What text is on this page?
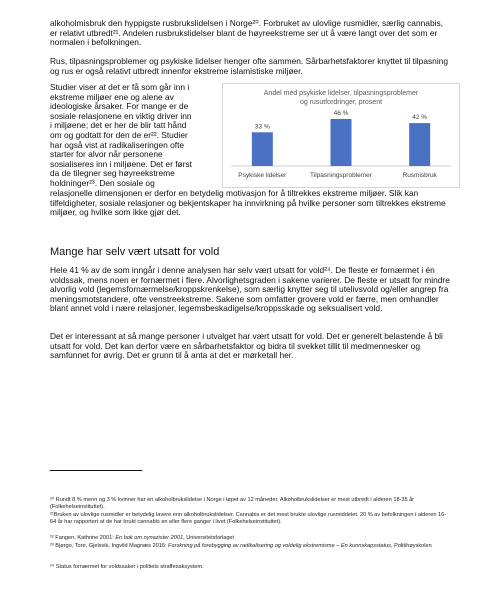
alkoholmisbruk den hyppigste rusbrukslidelsen i Norge²⁰. Forbruket av ulovlige rusmidler, særlig cannabis, er relativt utbredt²¹. Andelen rusbrukslidelser blant de høyreekstreme ser ut å være langt over det som er normalen i befolkningen.
Rus, tilpasningsproblemer og psykiske lidelser henger ofte sammen. Sårbarhetsfaktorer knyttet til tilpasning og rus er også relativt utbredt innenfor ekstreme islamistiske miljøer.
Studier viser at det er få som går inn i
ekstreme miljøer ene og alene av
ideologiske årsaker. For mange er de
sosiale relasjonene en viktig driver inn
i miljøene; det er her de blir tatt hånd
om og godtatt for den de er²². Studier
har også vist at radikaliseringen ofte
starter for alvor når personene
sosialiseres inn i miljøene. Det er først
da de tilegner seg høyreekstreme
holdninger²³. Den sosiale og
Andel med psykiske lidelser, tilpasningsproblemer
og rusutfordringer, prosent
33 %
Psykiske lidelser
46 %
Tilpasningsproblemer
42 %
Rusmisbruk
relasjonelle dimensjonen er derfor en betydelig motivasjon for å tiltrekkes ekstreme miljøer. Slik kan tilfeldigheter, sosiale relasjoner og bekjentskaper ha innvirkning på hvilke personer som tiltrekkes ekstreme miljøer, og hvilke som ikke gjør det.
Mange har selv vært utsatt for vold
Hele 41 % av de som inngår i denne analysen har selv vært utsatt for vold²⁴. De fleste er fornærmet i én voldssak, mens noen er fornærmet i flere. Alvorlighetsgraden i sakene varierer. De fleste er utsatt for mindre alvorlig vold (legemsfornærmelse/kroppskrenkelse), som særlig knytter seg til utelivsvold og/eller angrep fra meningsmotstandere, ofte venstreekstreme. Sakene som omfatter grovere vold er færre, men omhandler blant annet vold i nære relasjoner, legemsbeskadigelse/kroppsskade og seksualisert vold.
Det er interessant at så mange personer i utvalget har vært utsatt for vold. Det er generelt belastende å bli utsatt for vold. Det kan derfor være en sårbarhetsfaktor og bidra til svekket tillit til medmennesker og samfunnet for øvrig. Det er grunn til å anta at det er mørketall her.
²⁰ Rundt 8 % menn og 3 % kvinner har en alkoholbrukslidelse i Norge i løpet av 12 måneder. Alkoholbrukslidelser er mest utbredt i alderen 18-35 år (Folkehelseinstituttet).
²¹Bruken av ulovlige rusmidler er betydelig lavere enn alkoholbrukslidelser. Cannabis er det mest brukte ulovlige rusmiddelet. 20 % av befolkningen i alderen 16-64 år har rapportert at de har brukt cannabis en eller flere ganger i livet (Folkehelseinstituttet).
²² Fangen, Kathrine 2001: En bok om nynazister 2001, Universitetsforlaget
²³ Bjørgo, Tore, Gjelsvik, Ingvild Magnæs 2015: Forskning på forebygging av radikalisering og voldelig ekstremisme – En kunnskapsstatus, Politihøyskolen
²⁴ Status fornærmet for voldssaker i politiets straffesaksystem.
